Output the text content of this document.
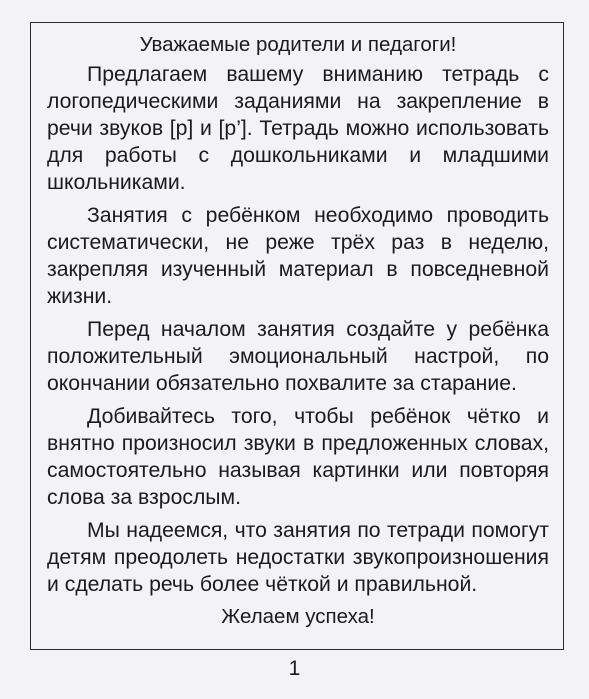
Уважаемые родители и педагоги!

Предлагаем вашему вниманию тетрадь с логопедическими заданиями на закрепление в речи звуков [р] и [р’]. Тетрадь можно использовать для работы с дошкольниками и младшими школьниками.

Занятия с ребёнком необходимо проводить систематически, не реже трёх раз в неделю, закрепляя изученный материал в повседневной жизни.

Перед началом занятия создайте у ребёнка положительный эмоциональный настрой, по окончании обязательно похвалите за старание.

Добивайтесь того, чтобы ребёнок чётко и внятно произносил звуки в предложенных словах, самостоятельно называя картинки или повторяя слова за взрослым.

Мы надеемся, что занятия по тетради помогут детям преодолеть недостатки звукопроизношения и сделать речь более чёткой и правильной.

Желаем успеха!

1
